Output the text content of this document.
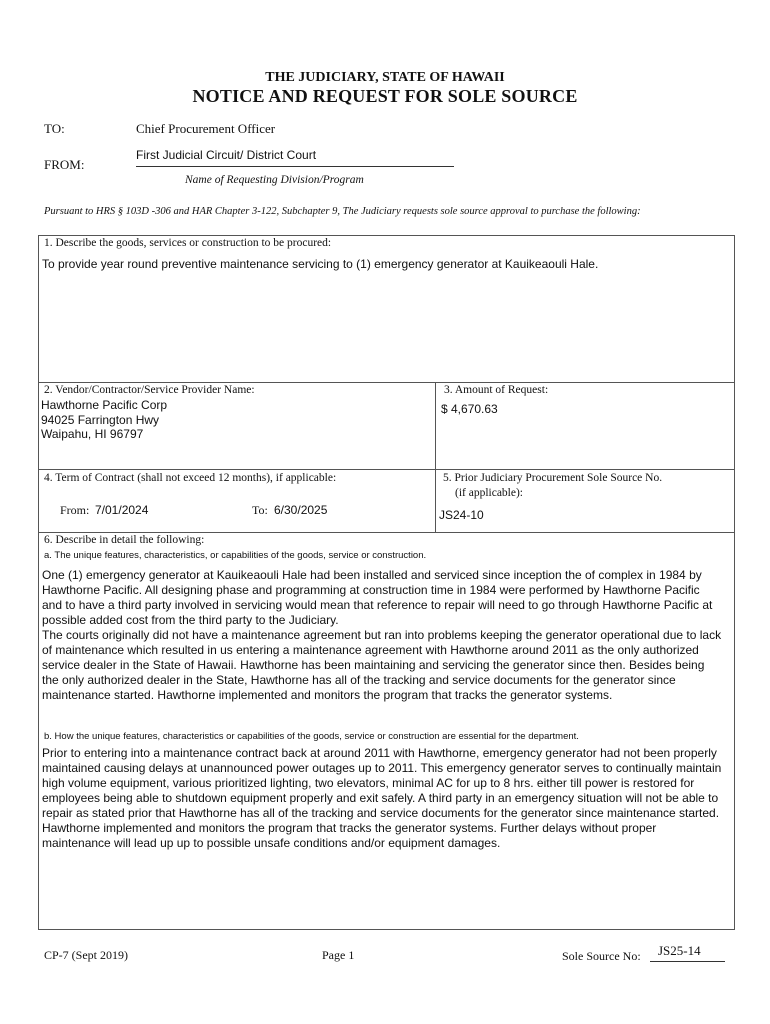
THE JUDICIARY, STATE OF HAWAII
NOTICE AND REQUEST FOR SOLE SOURCE
TO:	Chief Procurement Officer
FROM:
First Judicial Circuit/ District Court
Name of Requesting Division/Program
Pursuant to HRS § 103D -306 and HAR Chapter 3-122, Subchapter 9, The Judiciary requests sole source approval to purchase the following:
1. Describe the goods, services or construction to be procured:
To provide year round preventive maintenance servicing to (1) emergency generator at Kauikeaouli Hale.
2. Vendor/Contractor/Service Provider Name:
Hawthorne Pacific Corp
94025 Farrington Hwy
Waipahu, HI 96797
3. Amount of Request:
$ 4,670.63
4. Term of Contract (shall not exceed 12 months), if applicable:
From: 7/01/2024	To: 6/30/2025
5. Prior Judiciary Procurement Sole Source No.
(if applicable):
JS24-10
6. Describe in detail the following:
a. The unique features, characteristics, or capabilities of the goods, service or construction.
One (1) emergency generator at Kauikeaouli Hale had been installed and serviced since inception the of complex in 1984 by Hawthorne Pacific. All designing phase and programming at construction time in 1984 were performed by Hawthorne Pacific and to have a third party involved in servicing would mean that reference to repair will need to go through Hawthorne Pacific at possible added cost from the third party to the Judiciary.
The courts originally did not have a maintenance agreement but ran into problems keeping the generator operational due to lack of maintenance which resulted in us entering a maintenance agreement with Hawthorne around 2011 as the only authorized service dealer in the State of Hawaii. Hawthorne has been maintaining and servicing the generator since then. Besides being the only authorized dealer in the State, Hawthorne has all of the tracking and service documents for the generator since maintenance started. Hawthorne implemented and monitors the program that tracks the generator systems.
b. How the unique features, characteristics or capabilities of the goods, service or construction are essential for the department.
Prior to entering into a maintenance contract back at around 2011 with Hawthorne, emergency generator had not been properly maintained causing delays at unannounced power outages up to 2011. This emergency generator serves to continually maintain high volume equipment, various prioritized lighting, two elevators, minimal AC for up to 8 hrs. either till power is restored for employees being able to shutdown equipment properly and exit safely. A third party in an emergency situation will not be able to repair as stated prior that Hawthorne has all of the tracking and service documents for the generator since maintenance started. Hawthorne implemented and monitors the program that tracks the generator systems. Further delays without proper maintenance will lead up up to possible unsafe conditions and/or equipment damages.
CP-7 (Sept 2019)	Page 1	Sole Source No: JS25-14
